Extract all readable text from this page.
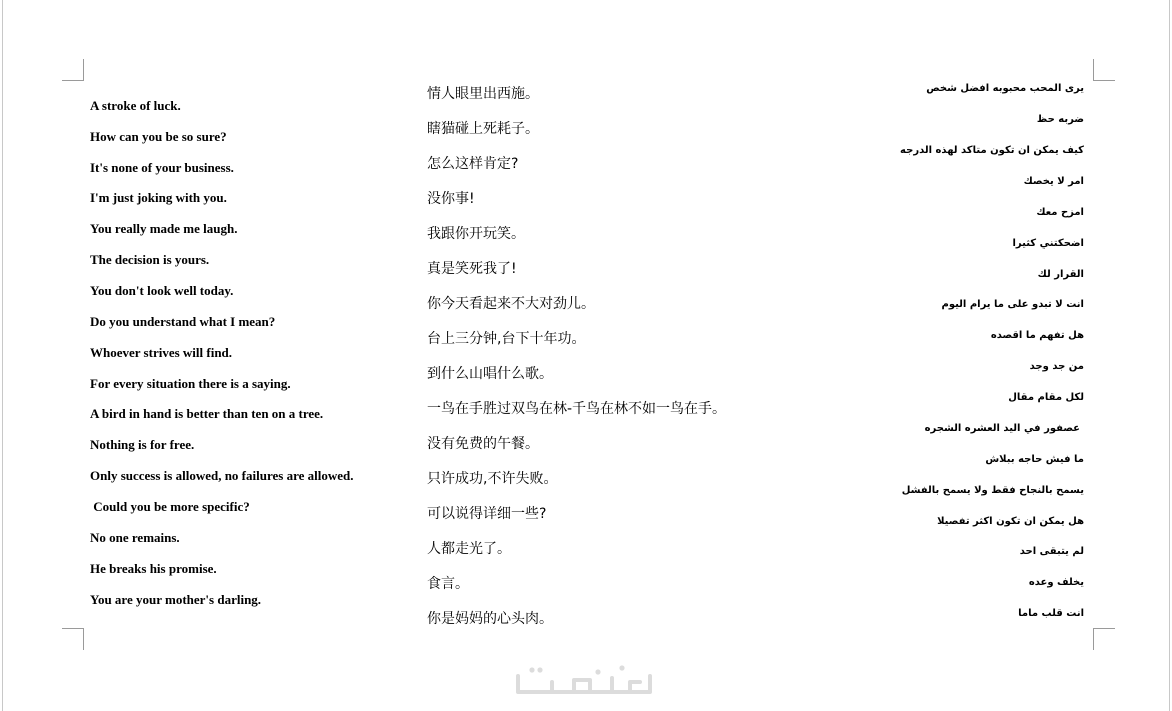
A stroke of luck.
How can you be so sure?
It's none of your business.
I'm just joking with you.
You really made me laugh.
The decision is yours.
You don't look well today.
Do you understand what I mean?
Whoever strives will find.
For every situation there is a saying.
A bird in hand is better than ten on a tree.
Nothing is for free.
Only success is allowed, no failures are allowed.
Could you be more specific?
No one remains.
He breaks his promise.
You are your mother's darling.
情人眼里出西施。
瞎猫碰上死耗子。
怎么这样肯定?
没你事!
我跟你开玩笑。
真是笑死我了!
你今天看起来不大对劲儿。
台上三分钟,台下十年功。
到什么山唱什么歌。
一鸟在手胜过双鸟在林-千鸟在林不如一鸟在手。
没有免费的午餐。
只许成功,不许失败。
可以说得详细一些?
人都走光了。
食言。
你是妈妈的心头肉。
يرى المحب محبوبه افضل شخص
ضربه حظ
كيف يمكن ان تكون متاكد لهذه الدرجه
امر لا يخصك
امزح معك
اضحكتني كثيرا
القرار لك
انت لا تبدو على ما يرام اليوم
هل تفهم ما اقصده
من جد وجد
لكل مقام مقال
عصفور في اليد العشره الشجره
ما فيش حاجه ببلاش
يسمح بالنجاح فقط ولا يسمح بالفشل
هل يمكن ان تكون اكثر تفصيلا
لم يتبقى احد
يخلف وعده
انت قلب ماما
